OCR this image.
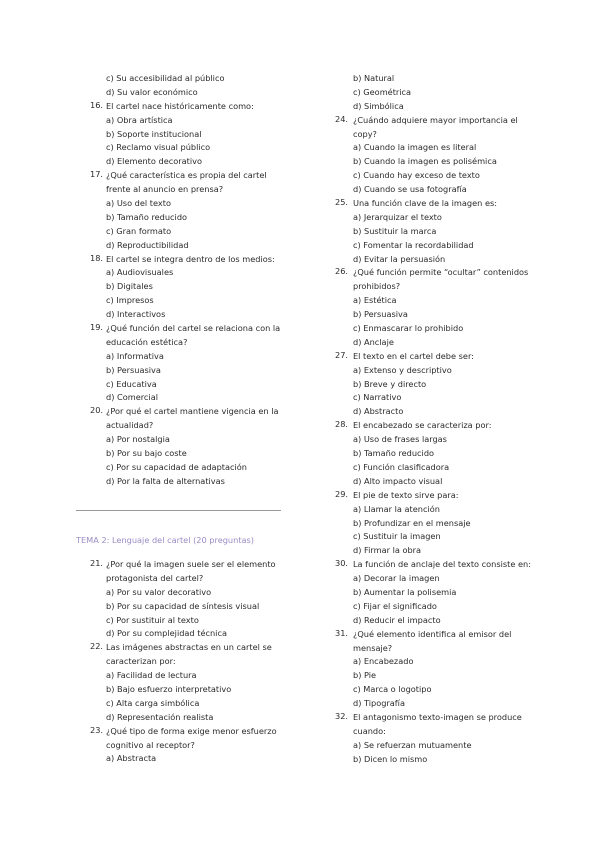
c) Su accesibilidad al público
d) Su valor económico
16. El cartel nace históricamente como:
a) Obra artística
b) Soporte institucional
c) Reclamo visual público
d) Elemento decorativo
17. ¿Qué característica es propia del cartel
frente al anuncio en prensa?
a) Uso del texto
b) Tamaño reducido
c) Gran formato
d) Reproductibilidad
18. El cartel se integra dentro de los medios:
a) Audiovisuales
b) Digitales
c) Impresos
d) Interactivos
19. ¿Qué función del cartel se relaciona con la
educación estética?
a) Informativa
b) Persuasiva
c) Educativa
d) Comercial
20. ¿Por qué el cartel mantiene vigencia en la
actualidad?
a) Por nostalgia
b) Por su bajo coste
c) Por su capacidad de adaptación
d) Por la falta de alternativas
TEMA 2: Lenguaje del cartel (20 preguntas)
21. ¿Por qué la imagen suele ser el elemento
protagonista del cartel?
a) Por su valor decorativo
b) Por su capacidad de síntesis visual
c) Por sustituir al texto
d) Por su complejidad técnica
22. Las imágenes abstractas en un cartel se
caracterizan por:
a) Facilidad de lectura
b) Bajo esfuerzo interpretativo
c) Alta carga simbólica
d) Representación realista
23. ¿Qué tipo de forma exige menor esfuerzo
cognitivo al receptor?
a) Abstracta
b) Natural
c) Geométrica
d) Simbólica
24. ¿Cuándo adquiere mayor importancia el
copy?
a) Cuando la imagen es literal
b) Cuando la imagen es polisémica
c) Cuando hay exceso de texto
d) Cuando se usa fotografía
25. Una función clave de la imagen es:
a) Jerarquizar el texto
b) Sustituir la marca
c) Fomentar la recordabilidad
d) Evitar la persuasión
26. ¿Qué función permite “ocultar” contenidos
prohibidos?
a) Estética
b) Persuasiva
c) Enmascarar lo prohibido
d) Anclaje
27. El texto en el cartel debe ser:
a) Extenso y descriptivo
b) Breve y directo
c) Narrativo
d) Abstracto
28. El encabezado se caracteriza por:
a) Uso de frases largas
b) Tamaño reducido
c) Función clasificadora
d) Alto impacto visual
29. El pie de texto sirve para:
a) Llamar la atención
b) Profundizar en el mensaje
c) Sustituir la imagen
d) Firmar la obra
30. La función de anclaje del texto consiste en:
a) Decorar la imagen
b) Aumentar la polisemia
c) Fijar el significado
d) Reducir el impacto
31. ¿Qué elemento identifica al emisor del
mensaje?
a) Encabezado
b) Pie
c) Marca o logotipo
d) Tipografía
32. El antagonismo texto-imagen se produce
cuando:
a) Se refuerzan mutuamente
b) Dicen lo mismo
